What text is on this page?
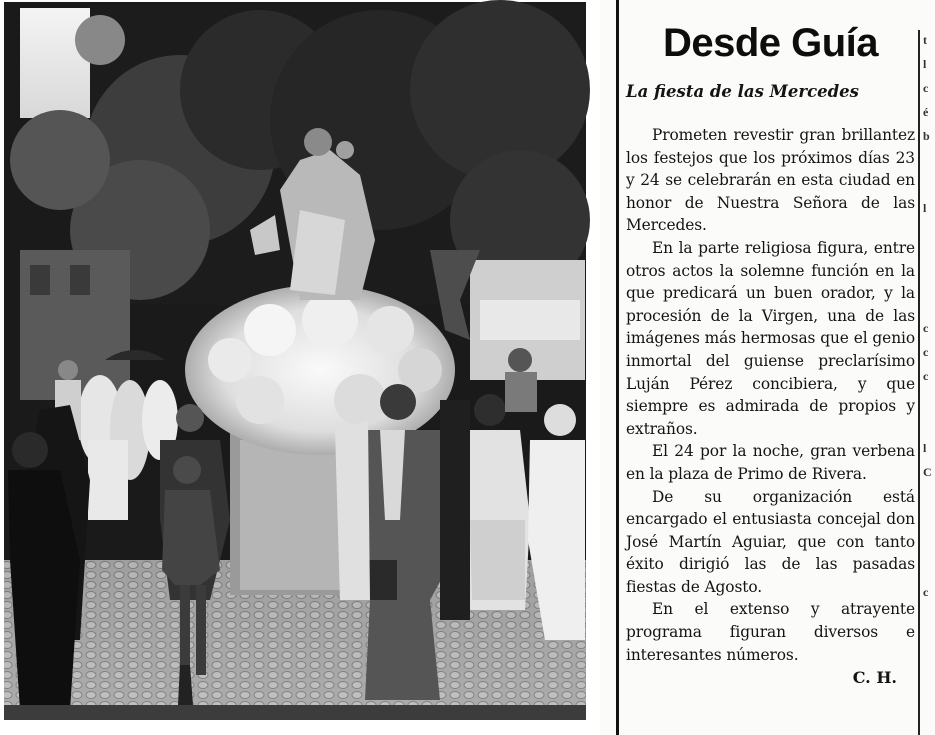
t
l
c
é
b

l

c
c
c

l
C

c
Desde Guía
La fiesta de las Mercedes

Prometen revestir gran brillantez los festejos que los próximos días 23 y 24 se celebrarán en esta ciudad en honor de Nuestra Señora de las Mercedes.

En la parte religiosa figura, entre otros actos la solemne función en la que predicará un buen orador, y la procesión de la Virgen, una de las imágenes más hermosas que el genio inmortal del guiense preclarísimo Luján Pérez concibiera, y que siempre es admirada de propios y extraños.

El 24 por la noche, gran verbena en la plaza de Primo de Rivera.

De su organización está encargado el entusiasta concejal don José Martín Aguiar, que con tanto éxito dirigió las de las pasadas fiestas de Agosto.

En el extenso y atrayente programa figuran diversos e interesantes números.

C. H.
